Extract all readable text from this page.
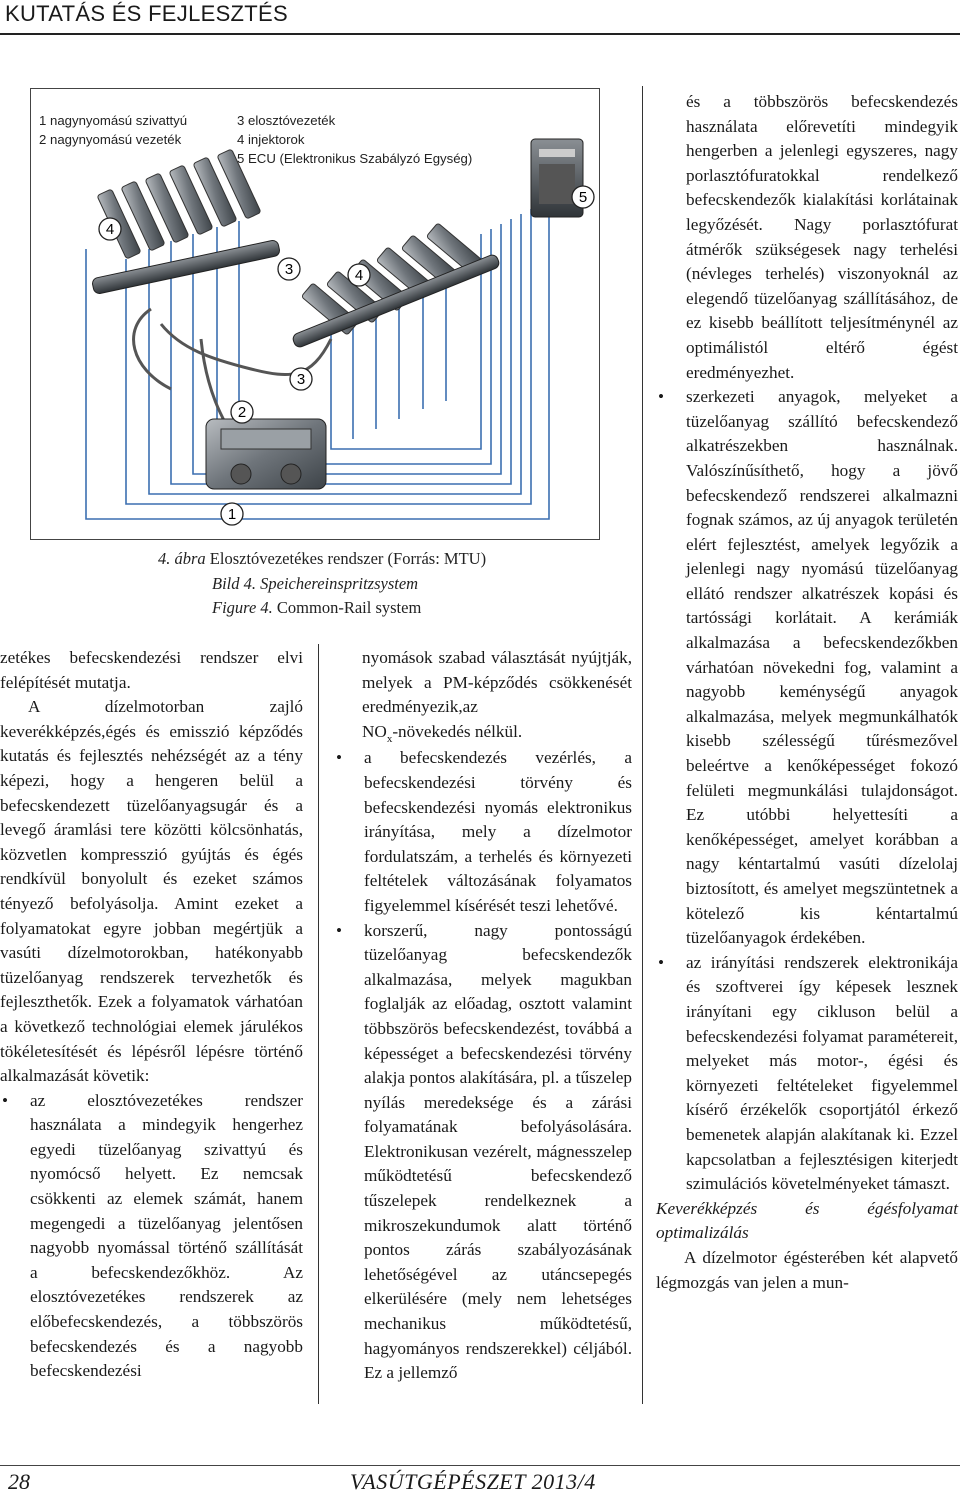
KUTATÁS ÉS FEJLESZTÉS
1 nagynyomású szivattyú
2 nagynyomású vezeték
3 elosztóvezeték
4 injektorok
5 ECU (Elektronikus Szabályzó Egység)
4
3
2
1
4
3
5
4. ábra Elosztóvezetékes rendszer (Forrás: MTU)
Bild 4. Speichereinspritzsystem
Figure 4. Common-Rail system

zetékes befecskendezési rendszer elvi felépítését mutatja.

A dízelmotorban zajló keverékképzés,égés és emisszió képződés kutatás és fejlesztés nehézségét az a tény képezi, hogy a hengeren belül a befecskendezett tüzelőanyagsugár és a levegő áramlási tere közötti kölcsönhatás, közvetlen kompresszió gyújtás és égés rendkívül bonyolult és ezeket számos tényező befolyásolja. Amint ezeket a folyamatokat egyre jobban megértjük a vasúti dízelmotorokban, hatékonyabb tüzelőanyag rendszerek tervezhetők és fejleszthetők. Ezek a folyamatok várhatóan a következő technológiai elemek járulékos tökéletesítését és lépésről lépésre történő alkalmazását követik:

• az elosztóvezetékes rendszer használata a mindegyik hengerhez egyedi tüzelőanyag szivattyú és nyomócső helyett. Ez nemcsak csökkenti az elemek számát, hanem megengedi a tüzelőanyag jelentősen nagyobb nyomással történő szállítását a befecskendezőkhöz. Az elosztóvezetékes rendszerek az előbefecskendezés, a többszörös befecskendezés és a nagyobb befecskendezési

nyomások szabad választását nyújtják, melyek a PM-képződés csökkenését eredményezik,az

$NO_x$-növekedés nélkül.

• a befecskendezés vezérlés, a befecskendezési törvény és befecskendezési nyomás elektronikus irányítása, mely a dízelmotor fordulatszám, a terhelés és környezeti feltételek változásának folyamatos figyelemmel kísérését teszi lehetővé.

• korszerű, nagy pontosságú tüzelőanyag befecskendezők alkalmazása, melyek magukban foglalják az előadag, osztott valamint többszörös befecskendezést, továbbá a képességet a befecskendezési törvény alakja pontos alakítására, pl. a tűszelep nyílás meredeksége és a zárási folyamatának befolyásolására. Elektronikusan vezérelt, mágnesszelep működtetésű befecskendező tűszelepek rendelkeznek a mikroszekundumok alatt történő pontos zárás szabályozásának lehetőségével az utáncsepegés elkerülésére (mely nem lehetséges mechanikus működtetésű, hagyományos rendszerekkel) céljából. Ez a jellemző

és a többszörös befecskendezés használata előrevetíti mindegyik hengerben a jelenlegi egyszeres, nagy porlasztófuratokkal rendelkező befecskendezők kialakítási korlátainak legyőzését. Nagy porlasztófurat átmérők szükségesek nagy terhelési (névleges terhelés) viszonyoknál az elegendő tüzelőanyag szállításához, de ez kisebb beállított teljesítménynél az optimálistól eltérő égést eredményezhet.

• szerkezeti anyagok, melyeket a tüzelőanyag szállító befecskendező alkatrészekben használnak. Valószínűsíthető, hogy a jövő befecskendező rendszerei alkalmazni fognak számos, az új anyagok területén elért fejlesztést, amelyek legyőzik a jelenlegi nagy nyomású tüzelőanyag ellátó rendszer alkatrészek kopási és tartóssági korlátait. A kerámiák alkalmazása a befecskendezőkben várhatóan növekedni fog, valamint a nagyobb keménységű anyagok alkalmazása, melyek megmunkálhatók kisebb szélességű tűrésmezővel beleértve a kenőképességet fokozó felületi megmunkálási tulajdonságot. Ez utóbbi helyettesíti a kenőképességet, amelyet korábban a nagy kéntartalmú vasúti dízelolaj biztosított, és amelyet megszüntetnek a kötelező kis kéntartalmú tüzelőanyagok érdekében.

• az irányítási rendszerek elektronikája és szoftverei így képesek lesznek irányítani egy cikluson belül a befecskendezési folyamat paramétereit, melyeket más motor-, égési és környezeti feltételeket figyelemmel kísérő érzékelők csoportjától érkező bemenetek alapján alakítanak ki. Ezzel kapcsolatban a fejlesztésigen kiterjedt szimulációs követelményeket támaszt.

Keverékképzés és égésfolyamat optimalizálás

A dízelmotor égésterében két alapvető légmozgás van jelen a mun-

28	VASÚTGÉPÉSZET 2013/4
